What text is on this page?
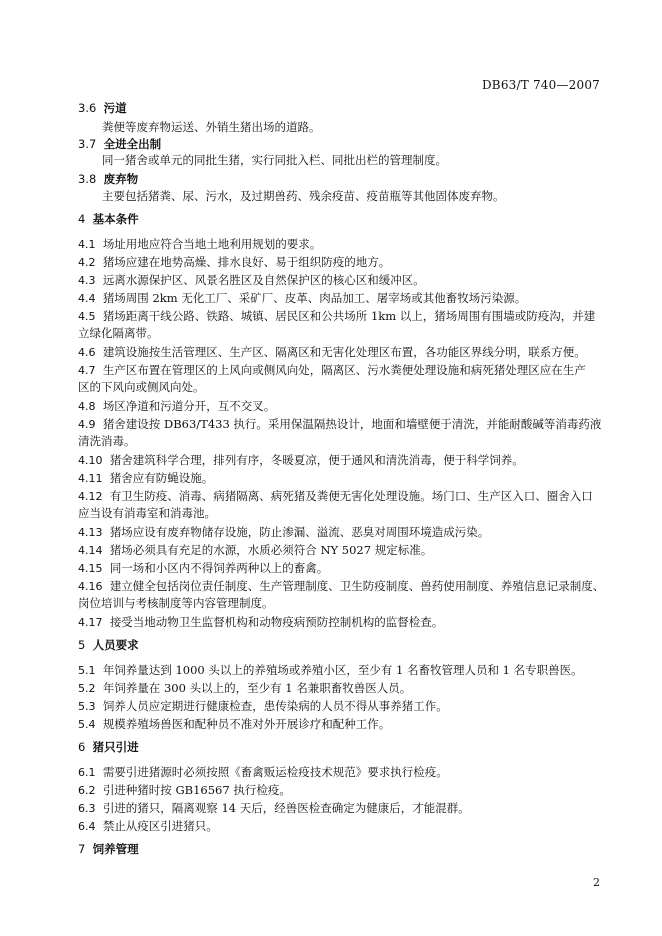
DB63/T 740—2007
3.6 污道
粪便等废弃物运送、外销生猪出场的道路。
3.7 全进全出制
同一猪舍或单元的同批生猪，实行同批入栏、同批出栏的管理制度。
3.8 废弃物
主要包括猪粪、尿、污水，及过期兽药、残余疫苗、疫苗瓶等其他固体废弃物。
4 基本条件
4.1 场址用地应符合当地土地利用规划的要求。
4.2 猪场应建在地势高燥、排水良好、易于组织防疫的地方。
4.3 远离水源保护区、风景名胜区及自然保护区的核心区和缓冲区。
4.4 猪场周围 2km 无化工厂、采矿厂、皮革、肉品加工、屠宰场或其他畜牧场污染源。
4.5 猪场距离干线公路、铁路、城镇、居民区和公共场所 1km 以上，猪场周围有围墙或防疫沟，并建
立绿化隔离带。
4.6 建筑设施按生活管理区、生产区、隔离区和无害化处理区布置，各功能区界线分明，联系方便。
4.7 生产区布置在管理区的上风向或侧风向处，隔离区、污水粪便处理设施和病死猪处理区应在生产
区的下风向或侧风向处。
4.8 场区净道和污道分开，互不交叉。
4.9 猪舍建设按 DB63/T433 执行。采用保温隔热设计，地面和墙壁便于清洗，并能耐酸碱等消毒药液
清洗消毒。
4.10 猪舍建筑科学合理，排列有序，冬暖夏凉，便于通风和清洗消毒，便于科学饲养。
4.11 猪舍应有防蝇设施。
4.12 有卫生防疫、消毒、病猪隔离、病死猪及粪便无害化处理设施。场门口、生产区入口、圈舍入口
应当设有消毒室和消毒池。
4.13 猪场应设有废弃物储存设施，防止渗漏、溢流、恶臭对周围环境造成污染。
4.14 猪场必须具有充足的水源，水质必须符合 NY 5027 规定标准。
4.15 同一场和小区内不得饲养两种以上的畜禽。
4.16 建立健全包括岗位责任制度、生产管理制度、卫生防疫制度、兽药使用制度、养殖信息记录制度、
岗位培训与考核制度等内容管理制度。
4.17 接受当地动物卫生监督机构和动物疫病预防控制机构的监督检查。
5 人员要求
5.1 年饲养量达到 1000 头以上的养殖场或养殖小区，至少有 1 名畜牧管理人员和 1 名专职兽医。
5.2 年饲养量在 300 头以上的，至少有 1 名兼职畜牧兽医人员。
5.3 饲养人员应定期进行健康检查，患传染病的人员不得从事养猪工作。
5.4 规模养殖场兽医和配种员不准对外开展诊疗和配种工作。
6 猪只引进
6.1 需要引进猪源时必须按照《畜禽贩运检疫技术规范》要求执行检疫。
6.2 引进种猪时按 GB16567 执行检疫。
6.3 引进的猪只，隔离观察 14 天后，经兽医检查确定为健康后，才能混群。
6.4 禁止从疫区引进猪只。
7 饲养管理
2
